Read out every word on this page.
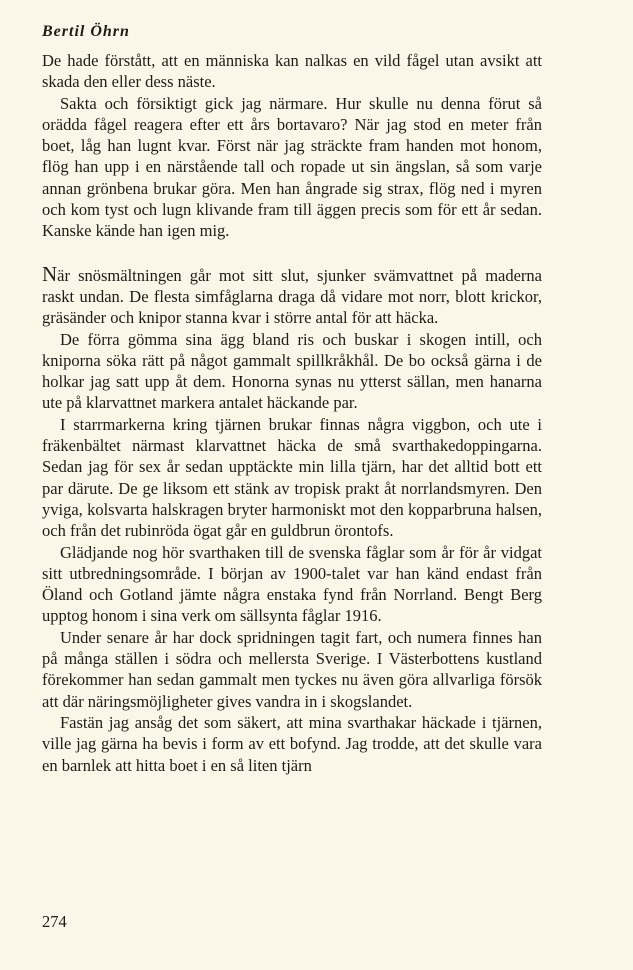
Bertil Öhrn

De hade förstått, att en människa kan nalkas en vild fågel utan avsikt att skada den eller dess näste.

Sakta och försiktigt gick jag närmare. Hur skulle nu denna förut så orädda fågel reagera efter ett års bortavaro? När jag stod en meter från boet, låg han lugnt kvar. Först när jag sträckte fram handen mot honom, flög han upp i en närstående tall och ropade ut sin ängslan, så som varje annan grönbena brukar göra. Men han ångrade sig strax, flög ned i myren och kom tyst och lugn klivande fram till äggen precis som för ett år sedan. Kanske kände han igen mig.

När snösmältningen går mot sitt slut, sjunker svämvattnet på maderna raskt undan. De flesta simfåglarna draga då vidare mot norr, blott krickor, gräsänder och knipor stanna kvar i större antal för att häcka.

De förra gömma sina ägg bland ris och buskar i skogen intill, och kniporna söka rätt på något gammalt spillkråkhål. De bo också gärna i de holkar jag satt upp åt dem. Honorna synas nu ytterst sällan, men hanarna ute på klarvattnet markera antalet häckande par.

I starrmarkerna kring tjärnen brukar finnas några viggbon, och ute i fräkenbältet närmast klarvattnet häcka de små svarthakedoppingarna. Sedan jag för sex år sedan upptäckte min lilla tjärn, har det alltid bott ett par därute. De ge liksom ett stänk av tropisk prakt åt norrlandsmyren. Den yviga, kolsvarta halskragen bryter harmoniskt mot den kopparbruna halsen, och från det rubinröda ögat går en guldbrun örontofs.

Glädjande nog hör svarthaken till de svenska fåglar som år för år vidgat sitt utbredningsområde. I början av 1900-talet var han känd endast från Öland och Gotland jämte några enstaka fynd från Norrland. Bengt Berg upptog honom i sina verk om sällsynta fåglar 1916.

Under senare år har dock spridningen tagit fart, och numera finnes han på många ställen i södra och mellersta Sverige. I Västerbottens kustland förekommer han sedan gammalt men tyckes nu även göra allvarliga försök att där näringsmöjligheter gives vandra in i skogslandet.

Fastän jag ansåg det som säkert, att mina svarthakar häckade i tjärnen, ville jag gärna ha bevis i form av ett bofynd. Jag trodde, att det skulle vara en barnlek att hitta boet i en så liten tjärn

274
